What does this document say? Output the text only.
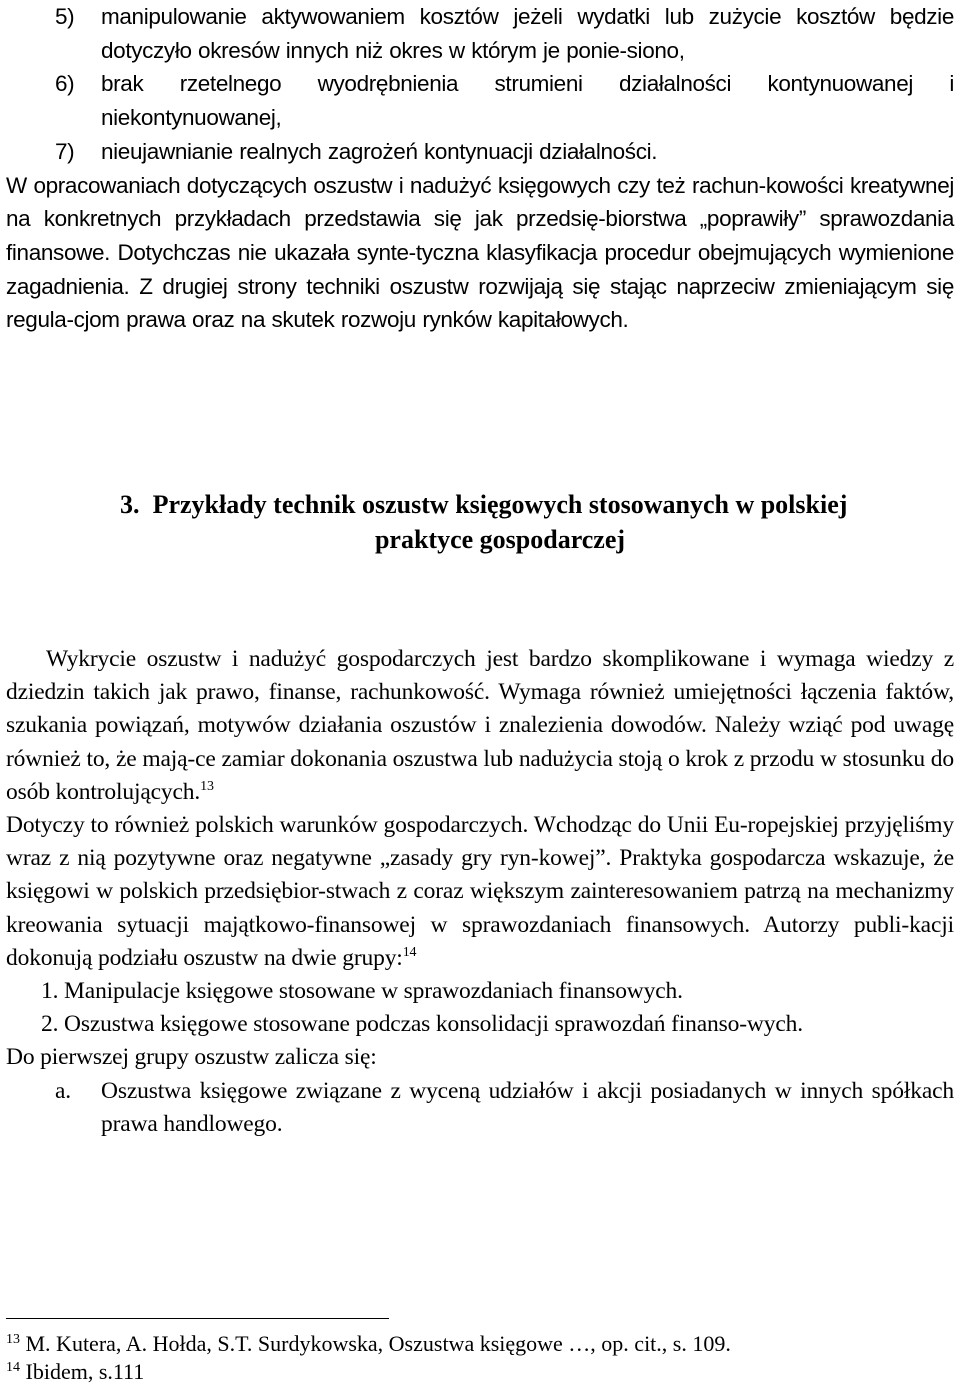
5) manipulowanie aktywowaniem kosztów jeżeli wydatki lub zużycie kosztów będzie dotyczyło okresów innych niż okres w którym je ponie-siono,
6) brak rzetelnego wyodrębnienia strumieni działalności kontynuowanej i niekontynuowanej,
7) nieujawnianie realnych zagrożeń kontynuacji działalności.
W opracowaniach dotyczących oszustw i nadużyć księgowych czy też rachun-kowości kreatywnej na konkretnych przykładach przedstawia się jak przedsię-biorstwa „poprawiły” sprawozdania finansowe. Dotychczas nie ukazała synte-tyczna klasyfikacja procedur obejmujących wymienione zagadnienia. Z drugiej strony techniki oszustw rozwijają się stając naprzeciw zmieniającym się regula-cjom prawa oraz na skutek rozwoju rynków kapitałowych.
3. Przykłady technik oszustw księgowych stosowanych w polskiej
praktyce gospodarczej
Wykrycie oszustw i nadużyć gospodarczych jest bardzo skomplikowane i wymaga wiedzy z dziedzin takich jak prawo, finanse, rachunkowość. Wymaga również umiejętności łączenia faktów, szukania powiązań, motywów działania oszustów i znalezienia dowodów. Należy wziąć pod uwagę również to, że mają-ce zamiar dokonania oszustwa lub nadużycia stoją o krok z przodu w stosunku do osób kontrolujących.$^{13}$
Dotyczy to również polskich warunków gospodarczych. Wchodząc do Unii Eu-ropejskiej przyjęliśmy wraz z nią pozytywne oraz negatywne „zasady gry ryn-kowej”. Praktyka gospodarcza wskazuje, że księgowi w polskich przedsiębior-stwach z coraz większym zainteresowaniem patrzą na mechanizmy kreowania sytuacji majątkowo-finansowej w sprawozdaniach finansowych. Autorzy publi-kacji dokonują podziału oszustw na dwie grupy:$^{14}$
1. Manipulacje księgowe stosowane w sprawozdaniach finansowych.
2. Oszustwa księgowe stosowane podczas konsolidacji sprawozdań finanso-wych.
Do pierwszej grupy oszustw zalicza się:
a. Oszustwa księgowe związane z wyceną udziałów i akcji posiadanych w innych spółkach prawa handlowego.
$^{13}$ M. Kutera, A. Hołda, S.T. Surdykowska, Oszustwa księgowe …, op. cit., s. 109.
$^{14}$ Ibidem, s.111
